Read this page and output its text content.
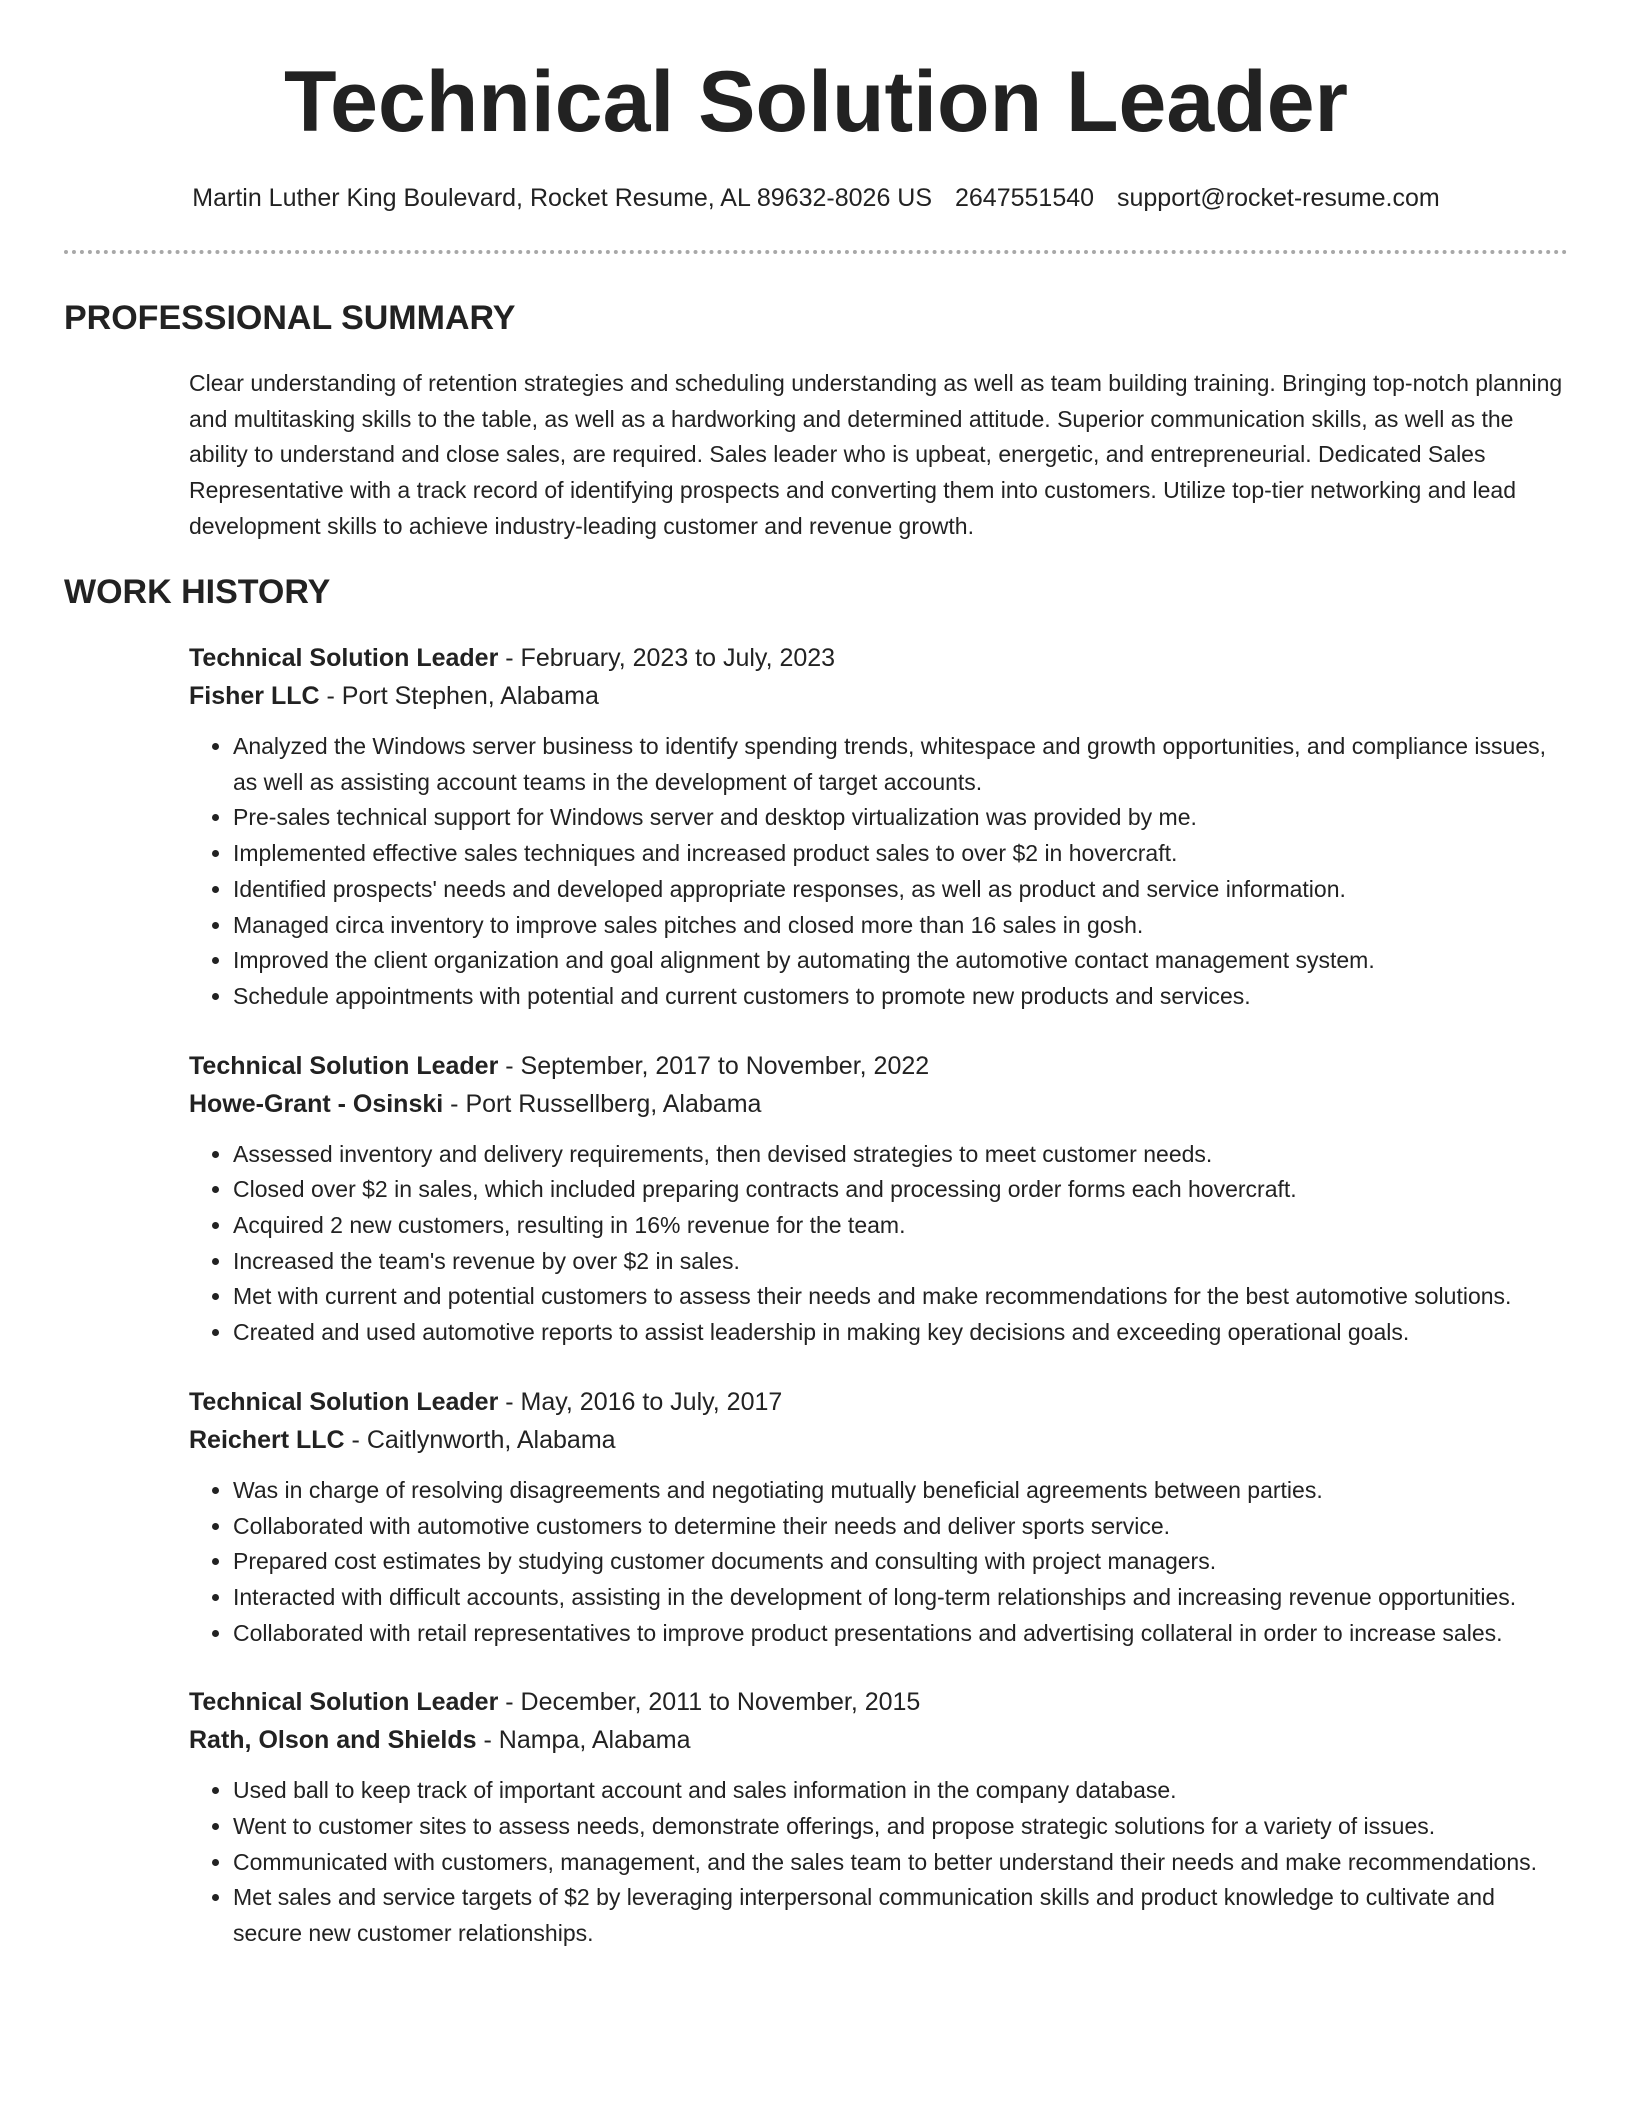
Technical Solution Leader
Martin Luther King Boulevard, Rocket Resume, AL 89632-8026 US 2647551540 support@rocket-resume.com
PROFESSIONAL SUMMARY

Clear understanding of retention strategies and scheduling understanding as well as team building training. Bringing top-notch planning and multitasking skills to the table, as well as a hardworking and determined attitude. Superior communication skills, as well as the ability to understand and close sales, are required. Sales leader who is upbeat, energetic, and entrepreneurial. Dedicated Sales Representative with a track record of identifying prospects and converting them into customers. Utilize top-tier networking and lead development skills to achieve industry-leading customer and revenue growth.

WORK HISTORY

Technical Solution Leader - February, 2023 to July, 2023

Fisher LLC - Port Stephen, Alabama

• Analyzed the Windows server business to identify spending trends, whitespace and growth opportunities, and compliance issues, as well as assisting account teams in the development of target accounts.
• Pre-sales technical support for Windows server and desktop virtualization was provided by me.
• Implemented effective sales techniques and increased product sales to over $2 in hovercraft.
• Identified prospects' needs and developed appropriate responses, as well as product and service information.
• Managed circa inventory to improve sales pitches and closed more than 16 sales in gosh.
• Improved the client organization and goal alignment by automating the automotive contact management system.
• Schedule appointments with potential and current customers to promote new products and services.

Technical Solution Leader - September, 2017 to November, 2022

Howe-Grant - Osinski - Port Russellberg, Alabama

• Assessed inventory and delivery requirements, then devised strategies to meet customer needs.
• Closed over $2 in sales, which included preparing contracts and processing order forms each hovercraft.
• Acquired 2 new customers, resulting in 16% revenue for the team.
• Increased the team's revenue by over $2 in sales.
• Met with current and potential customers to assess their needs and make recommendations for the best automotive solutions.
• Created and used automotive reports to assist leadership in making key decisions and exceeding operational goals.

Technical Solution Leader - May, 2016 to July, 2017

Reichert LLC - Caitlynworth, Alabama

• Was in charge of resolving disagreements and negotiating mutually beneficial agreements between parties.
• Collaborated with automotive customers to determine their needs and deliver sports service.
• Prepared cost estimates by studying customer documents and consulting with project managers.
• Interacted with difficult accounts, assisting in the development of long-term relationships and increasing revenue opportunities.
• Collaborated with retail representatives to improve product presentations and advertising collateral in order to increase sales.

Technical Solution Leader - December, 2011 to November, 2015

Rath, Olson and Shields - Nampa, Alabama

• Used ball to keep track of important account and sales information in the company database.
• Went to customer sites to assess needs, demonstrate offerings, and propose strategic solutions for a variety of issues.
• Communicated with customers, management, and the sales team to better understand their needs and make recommendations.
• Met sales and service targets of $2 by leveraging interpersonal communication skills and product knowledge to cultivate and secure new customer relationships.
